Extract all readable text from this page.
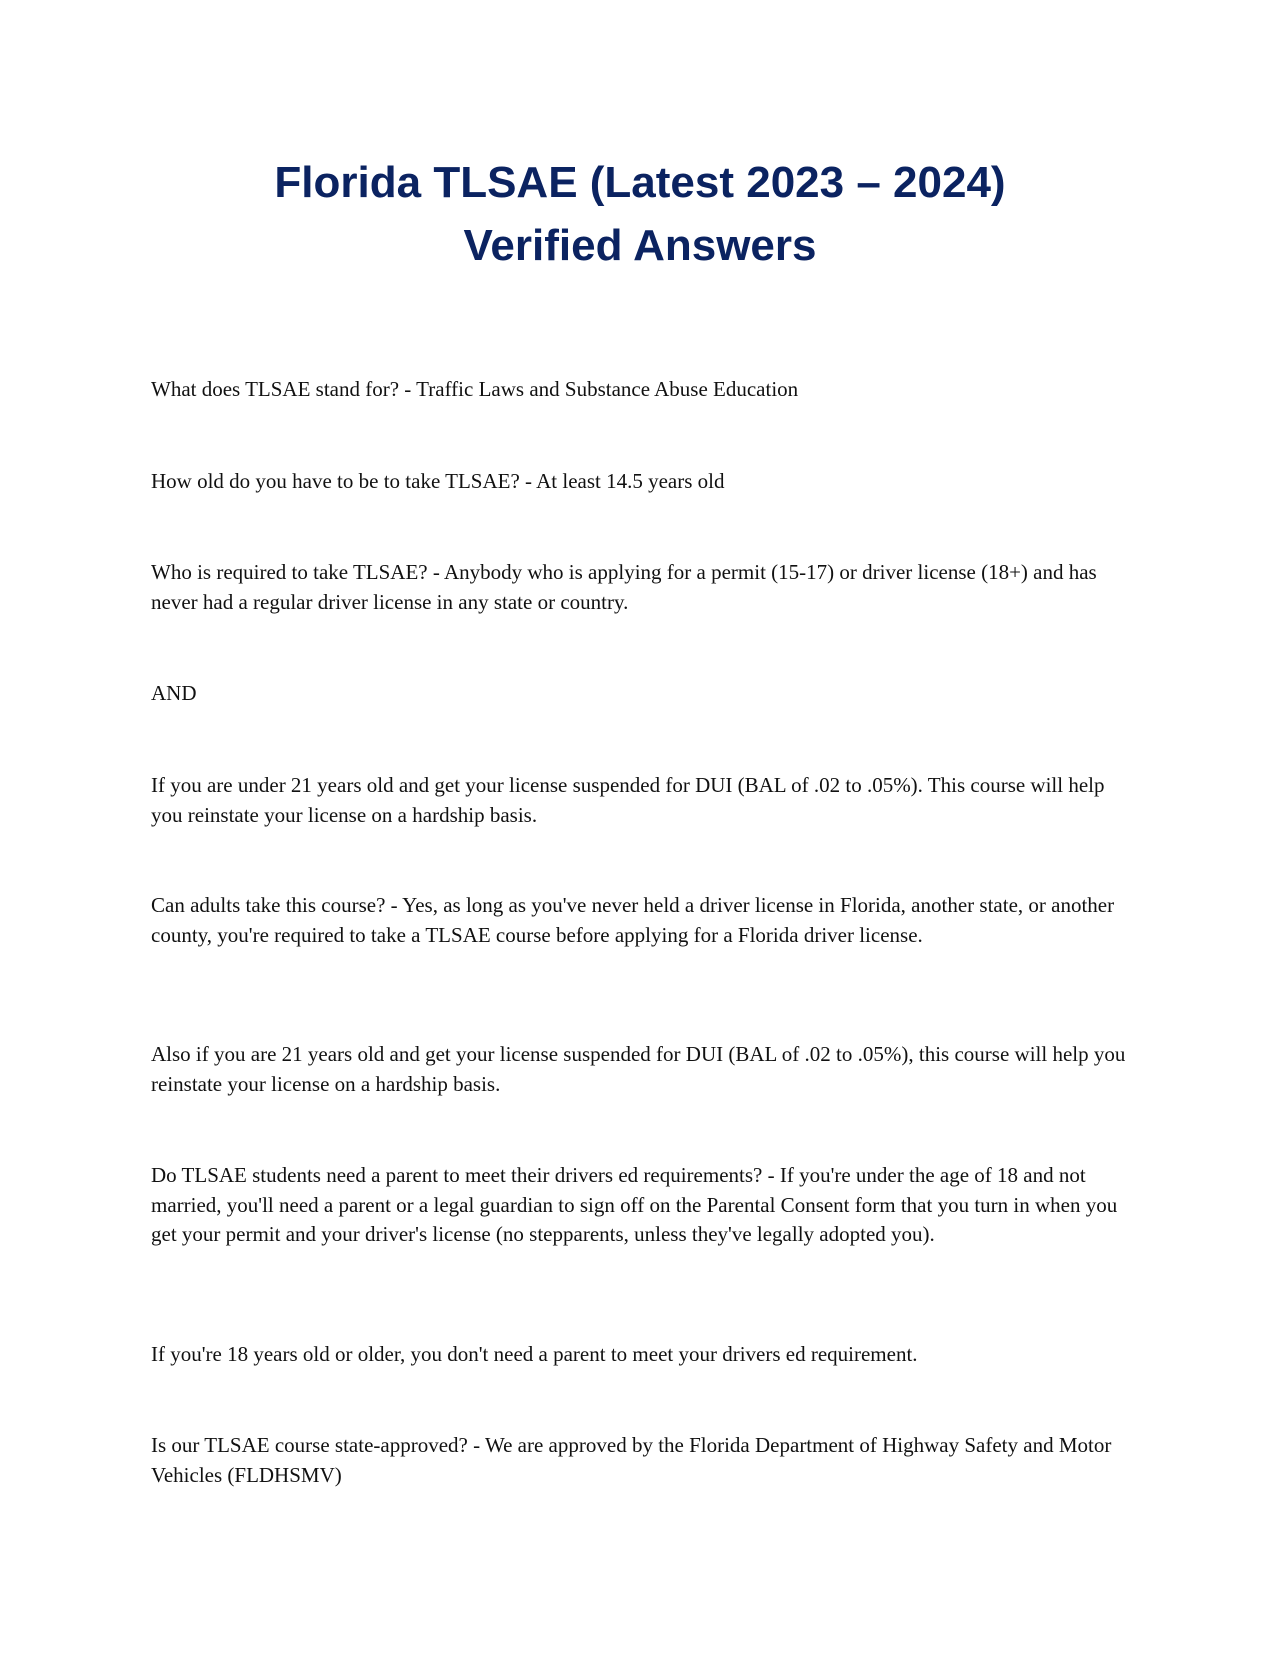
Florida TLSAE (Latest 2023 – 2024)
Verified Answers
What does TLSAE stand for? - Traffic Laws and Substance Abuse Education
How old do you have to be to take TLSAE? - At least 14.5 years old
Who is required to take TLSAE? - Anybody who is applying for a permit (15-17) or driver license (18+) and has never had a regular driver license in any state or country.
AND
If you are under 21 years old and get your license suspended for DUI (BAL of .02 to .05%). This course will help you reinstate your license on a hardship basis.
Can adults take this course? - Yes, as long as you've never held a driver license in Florida, another state, or another county, you're required to take a TLSAE course before applying for a Florida driver license.
Also if you are 21 years old and get your license suspended for DUI (BAL of .02 to .05%), this course will help you reinstate your license on a hardship basis.
Do TLSAE students need a parent to meet their drivers ed requirements? - If you're under the age of 18 and not married, you'll need a parent or a legal guardian to sign off on the Parental Consent form that you turn in when you get your permit and your driver's license (no stepparents, unless they've legally adopted you).
If you're 18 years old or older, you don't need a parent to meet your drivers ed requirement.
Is our TLSAE course state-approved? - We are approved by the Florida Department of Highway Safety and Motor Vehicles (FLDHSMV)
